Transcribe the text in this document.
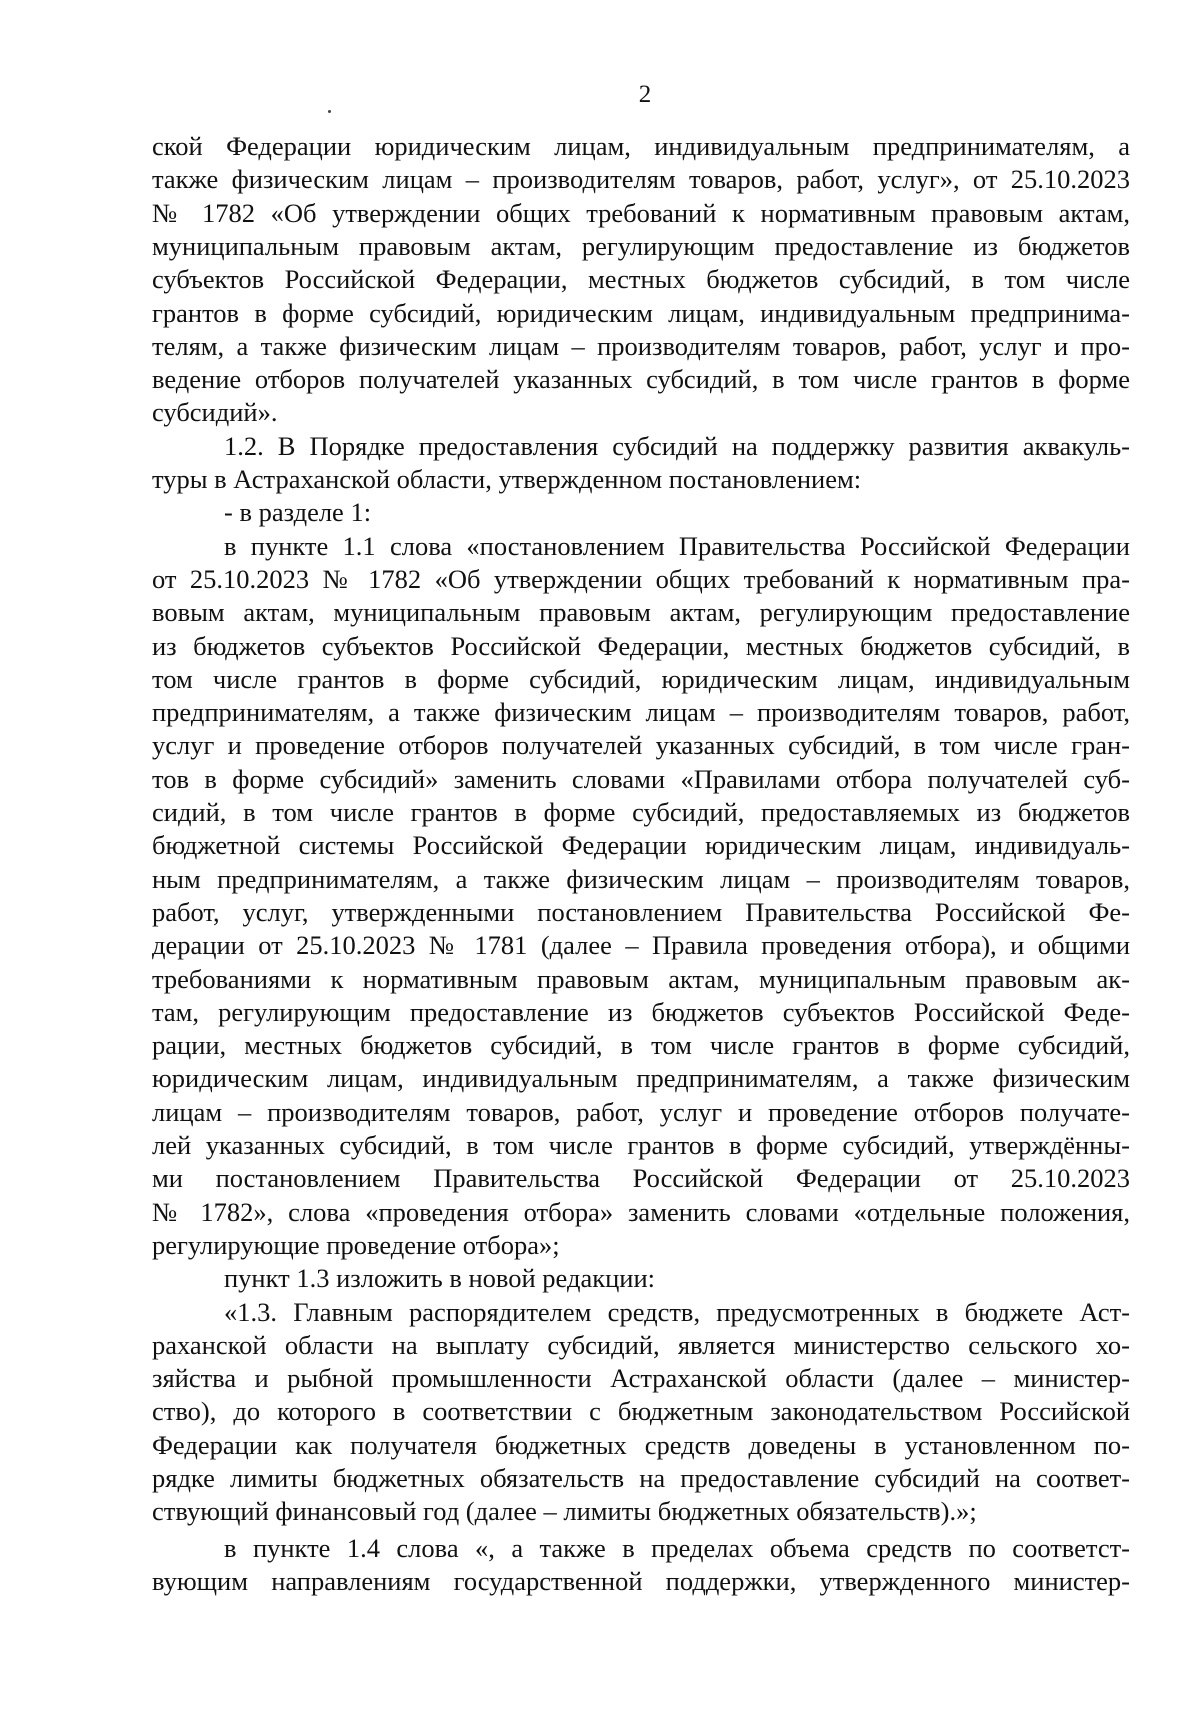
2
ской Федерации юридическим лицам, индивидуальным предпринимателям, а
также физическим лицам – производителям товаров, работ, услуг», от 25.10.2023
№ 1782 «Об утверждении общих требований к нормативным правовым актам,
муниципальным правовым актам, регулирующим предоставление из бюджетов
субъектов Российской Федерации, местных бюджетов субсидий, в том числе
грантов в форме субсидий, юридическим лицам, индивидуальным предпринима-
телям, а также физическим лицам – производителям товаров, работ, услуг и про-
ведение отборов получателей указанных субсидий, в том числе грантов в форме
субсидий».
1.2. В Порядке предоставления субсидий на поддержку развития аквакуль-
туры в Астраханской области, утвержденном постановлением:
- в разделе 1:
в пункте 1.1 слова «постановлением Правительства Российской Федерации
от 25.10.2023 № 1782 «Об утверждении общих требований к нормативным пра-
вовым актам, муниципальным правовым актам, регулирующим предоставление
из бюджетов субъектов Российской Федерации, местных бюджетов субсидий, в
том числе грантов в форме субсидий, юридическим лицам, индивидуальным
предпринимателям, а также физическим лицам – производителям товаров, работ,
услуг и проведение отборов получателей указанных субсидий, в том числе гран-
тов в форме субсидий» заменить словами «Правилами отбора получателей суб-
сидий, в том числе грантов в форме субсидий, предоставляемых из бюджетов
бюджетной системы Российской Федерации юридическим лицам, индивидуаль-
ным предпринимателям, а также физическим лицам – производителям товаров,
работ, услуг, утвержденными постановлением Правительства Российской Фе-
дерации от 25.10.2023 № 1781 (далее – Правила проведения отбора), и общими
требованиями к нормативным правовым актам, муниципальным правовым ак-
там, регулирующим предоставление из бюджетов субъектов Российской Феде-
рации, местных бюджетов субсидий, в том числе грантов в форме субсидий,
юридическим лицам, индивидуальным предпринимателям, а также физическим
лицам – производителям товаров, работ, услуг и проведение отборов получате-
лей указанных субсидий, в том числе грантов в форме субсидий, утверждённы-
ми постановлением Правительства Российской Федерации от 25.10.2023
№ 1782», слова «проведения отбора» заменить словами «отдельные положения,
регулирующие проведение отбора»;
пункт 1.3 изложить в новой редакции:
«1.3. Главным распорядителем средств, предусмотренных в бюджете Аст-
раханской области на выплату субсидий, является министерство сельского хо-
зяйства и рыбной промышленности Астраханской области (далее – министер-
ство), до которого в соответствии с бюджетным законодательством Российской
Федерации как получателя бюджетных средств доведены в установленном по-
рядке лимиты бюджетных обязательств на предоставление субсидий на соответ-
ствующий финансовый год (далее – лимиты бюджетных обязательств).»;
в пункте 1.4 слова «, а также в пределах объема средств по соответст-
вующим направлениям государственной поддержки, утвержденного министер-
